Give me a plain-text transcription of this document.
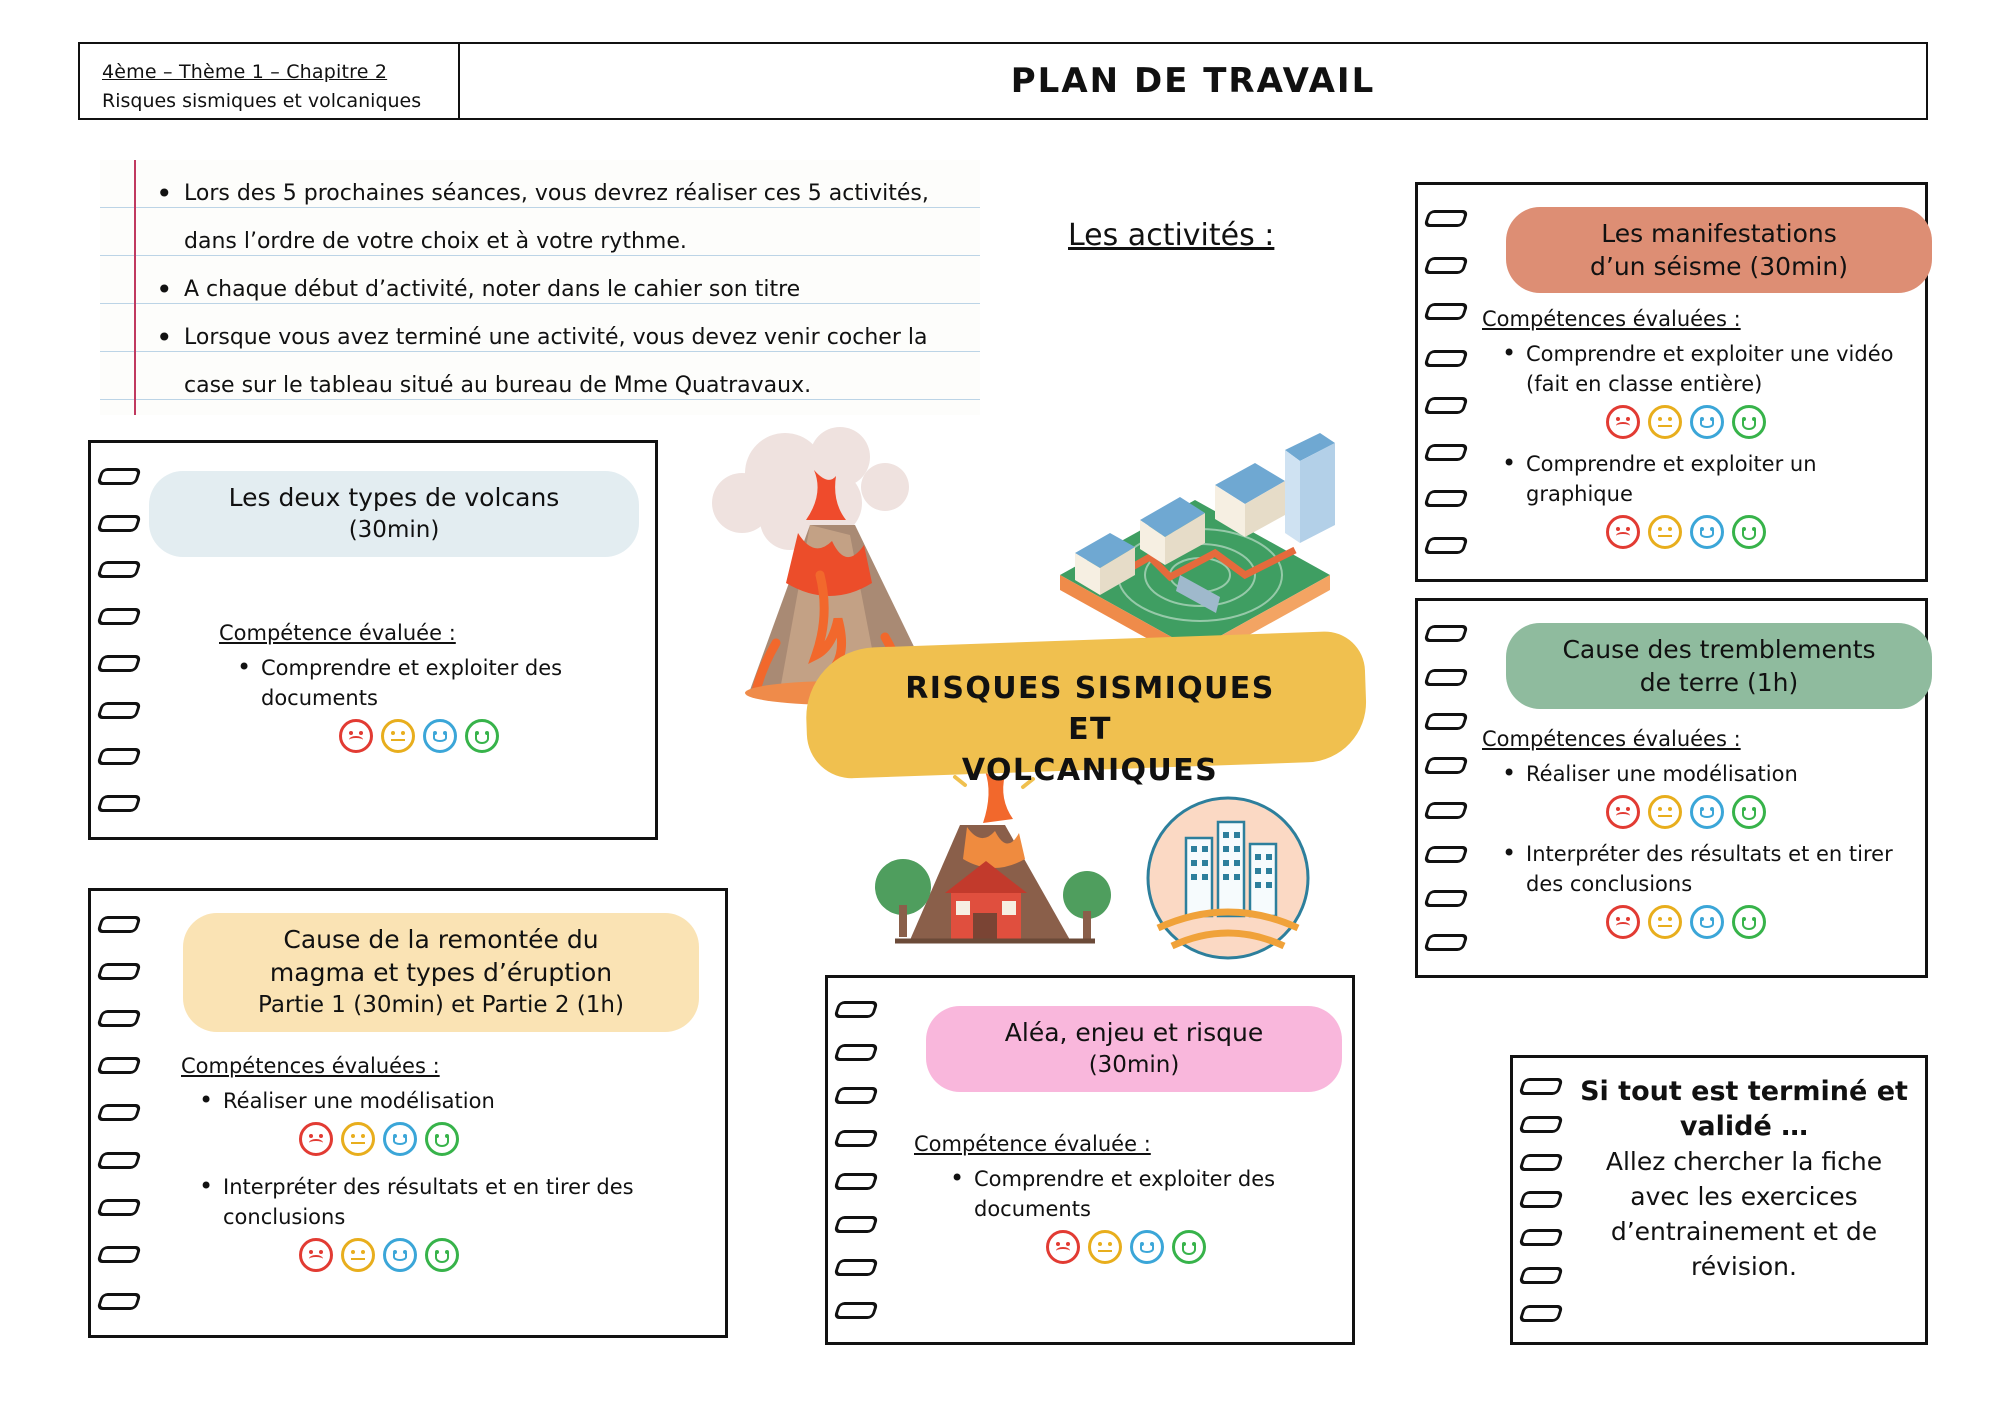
4ème – Thème 1 – Chapitre 2
Risques sismiques et volcaniques	PLAN DE TRAVAIL
• Lors des 5 prochaines séances, vous devrez réaliser ces 5 activités, dans l’ordre de votre choix et à votre rythme.
• A chaque début d’activité, noter dans le cahier son titre
• Lorsque vous avez terminé une activité, vous devez venir cocher la case sur le tableau situé au bureau de Mme Quatravaux.
Les activités :
Les deux types de volcans
(30min)
Compétence évaluée :
• Comprendre et exploiter des documents
Cause de la remontée du
magma et types d’éruption
Partie 1 (30min) et Partie 2 (1h)
Compétences évaluées :
• Réaliser une modélisation
• Interpréter des résultats et en tirer des conclusions
Aléa, enjeu et risque
(30min)
Compétence évaluée :
• Comprendre et exploiter des documents
Les manifestations
d’un séisme (30min)
Compétences évaluées :
• Comprendre et exploiter une vidéo (fait en classe entière)
• Comprendre et exploiter un graphique
Cause des tremblements
de terre (1h)
Compétences évaluées :
• Réaliser une modélisation
• Interpréter des résultats et en tirer des conclusions
Si tout est terminé et
validé …
Allez chercher la fiche avec les exercices d’entrainement et de révision.
RISQUES SISMIQUES ET
VOLCANIQUES
